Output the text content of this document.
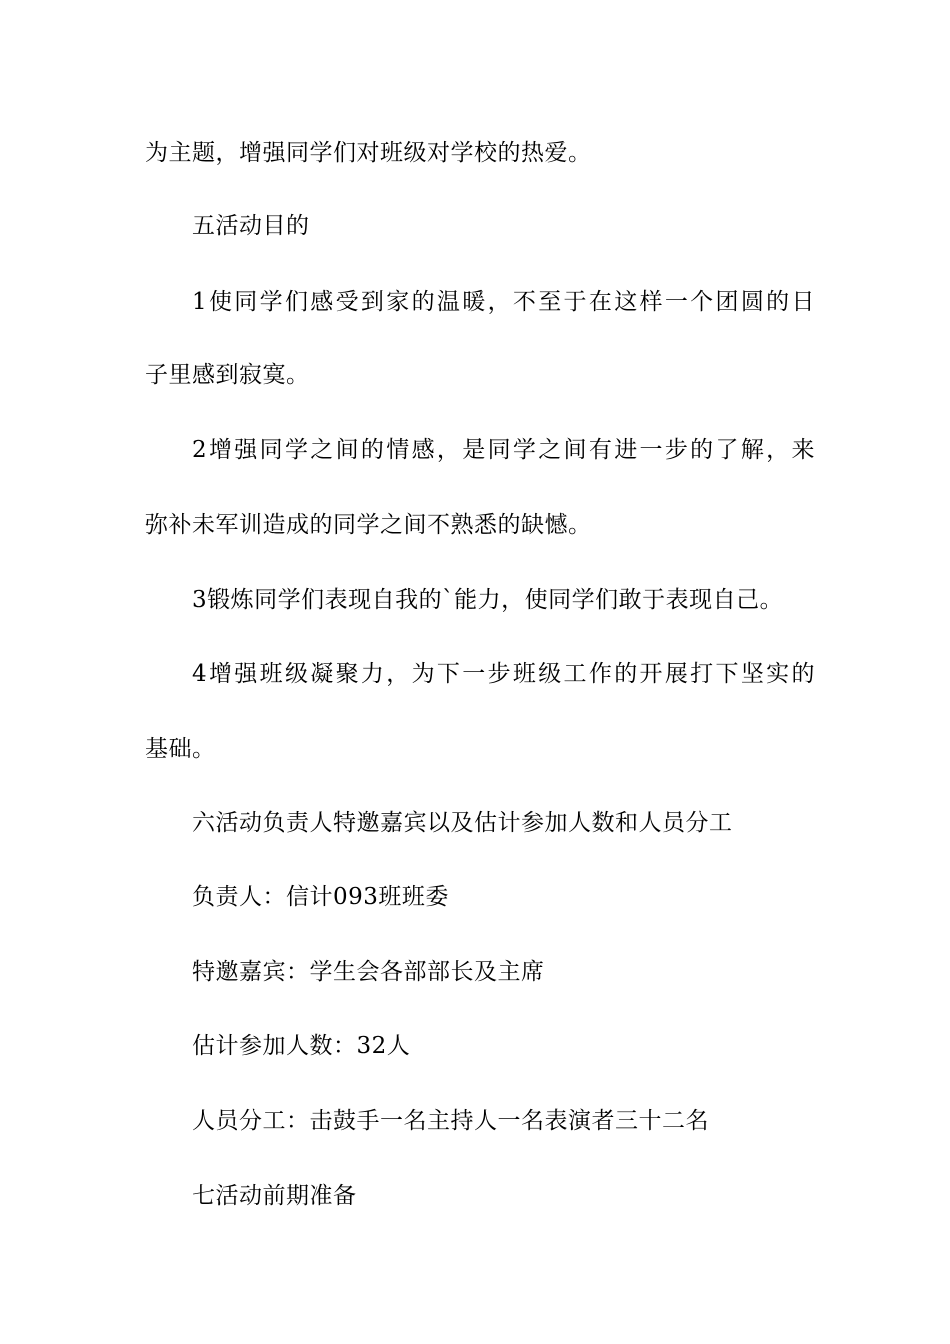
为主题，增强同学们对班级对学校的热爱。
五活动目的
1使同学们感受到家的温暖，不至于在这样一个团圆的日
子里感到寂寞。
2增强同学之间的情感，是同学之间有进一步的了解，来
弥补未军训造成的同学之间不熟悉的缺憾。
3锻炼同学们表现自我的`能力，使同学们敢于表现自己。
4增强班级凝聚力，为下一步班级工作的开展打下坚实的
基础。
六活动负责人特邀嘉宾以及估计参加人数和人员分工
负责人：信计093班班委
特邀嘉宾：学生会各部部长及主席
估计参加人数：32人
人员分工：击鼓手一名主持人一名表演者三十二名
七活动前期准备
